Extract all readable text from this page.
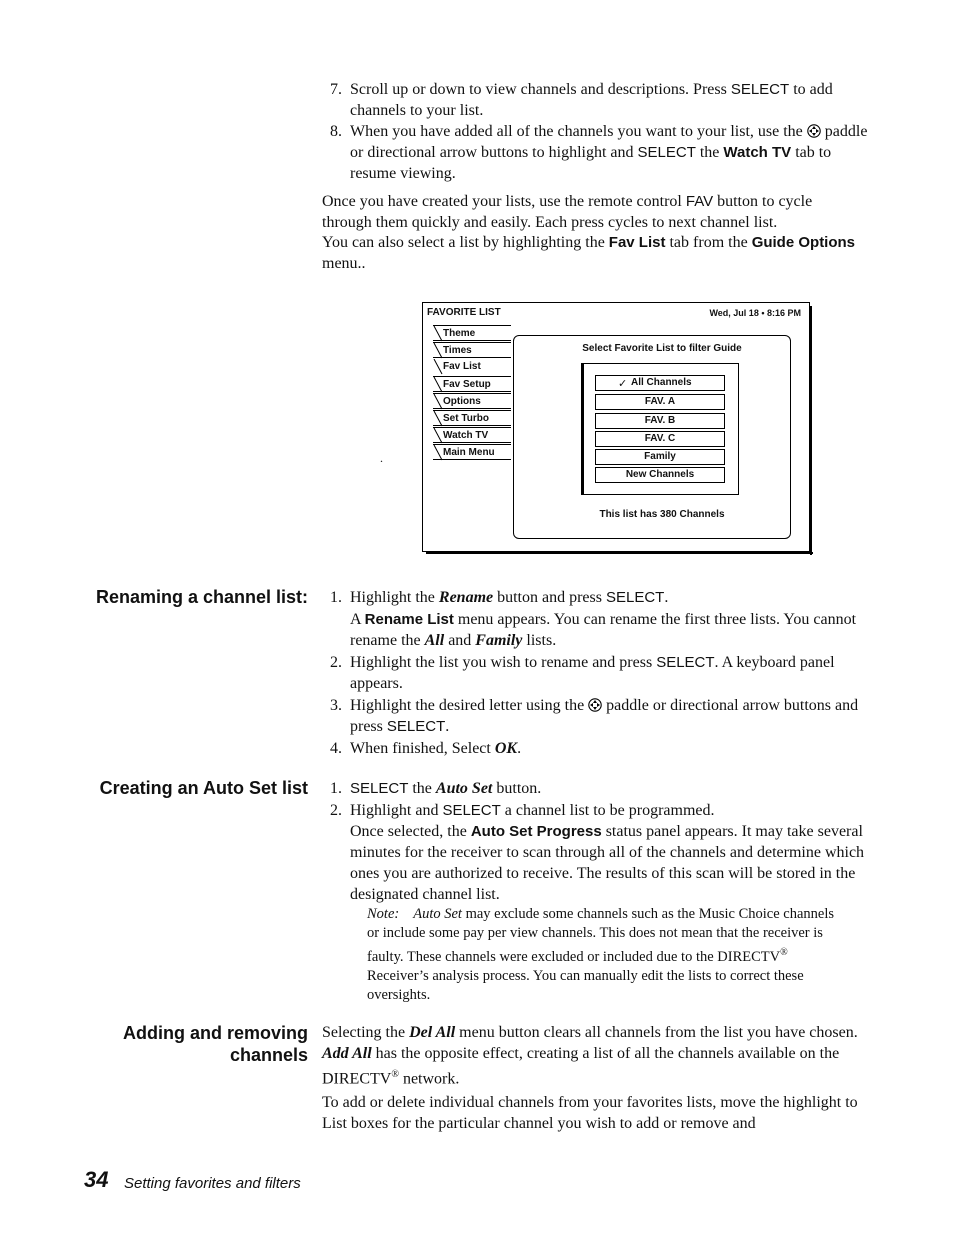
7. Scroll up or down to view channels and descriptions. Press SELECT to add channels to your list.
8. When you have added all of the channels you want to your list, use the  paddle or directional arrow buttons to highlight and SELECT the Watch TV tab to resume viewing.
Once you have created your lists, use the remote control FAV button to cycle through them quickly and easily. Each press cycles to next channel list.
You can also select a list by highlighting the Fav List tab from the Guide Options menu..
.
FAVORITE LIST	Wed, Jul 18 • 8:16 PM
Theme
Times
Fav List
Fav Setup
Options
Set Turbo
Watch TV
Main Menu
Select Favorite List to filter Guide
✓ All Channels
FAV. A
FAV. B
FAV. C
Family
New Channels
This list has 380 Channels
Renaming a channel list: 1. Highlight the Rename button and press SELECT.
A Rename List menu appears. You can rename the first three lists. You cannot rename the All and Family lists.
2. Highlight the list you wish to rename and press SELECT. A keyboard panel appears.
3. Highlight the desired letter using the  paddle or directional arrow buttons and press SELECT.
4. When finished, Select OK.
Creating an Auto Set list 1. SELECT the Auto Set button.
2. Highlight and SELECT a channel list to be programmed.
Once selected, the Auto Set Progress status panel appears. It may take several minutes for the receiver to scan through all of the channels and determine which ones you are authorized to receive. The results of this scan will be stored in the designated channel list.
Note: Auto Set may exclude some channels such as the Music Choice channels or include some pay per view channels. This does not mean that the receiver is faulty. These channels were excluded or included due to the DIRECTV® Receiver’s analysis process. You can manually edit the lists to correct these oversights.
Adding and removing
channels
Selecting the Del All menu button clears all channels from the list you have chosen. Add All has the opposite effect, creating a list of all the channels available on the DIRECTV® network.
To add or delete individual channels from your favorites lists, move the highlight to List boxes for the particular channel you wish to add or remove and
34 Setting favorites and filters
